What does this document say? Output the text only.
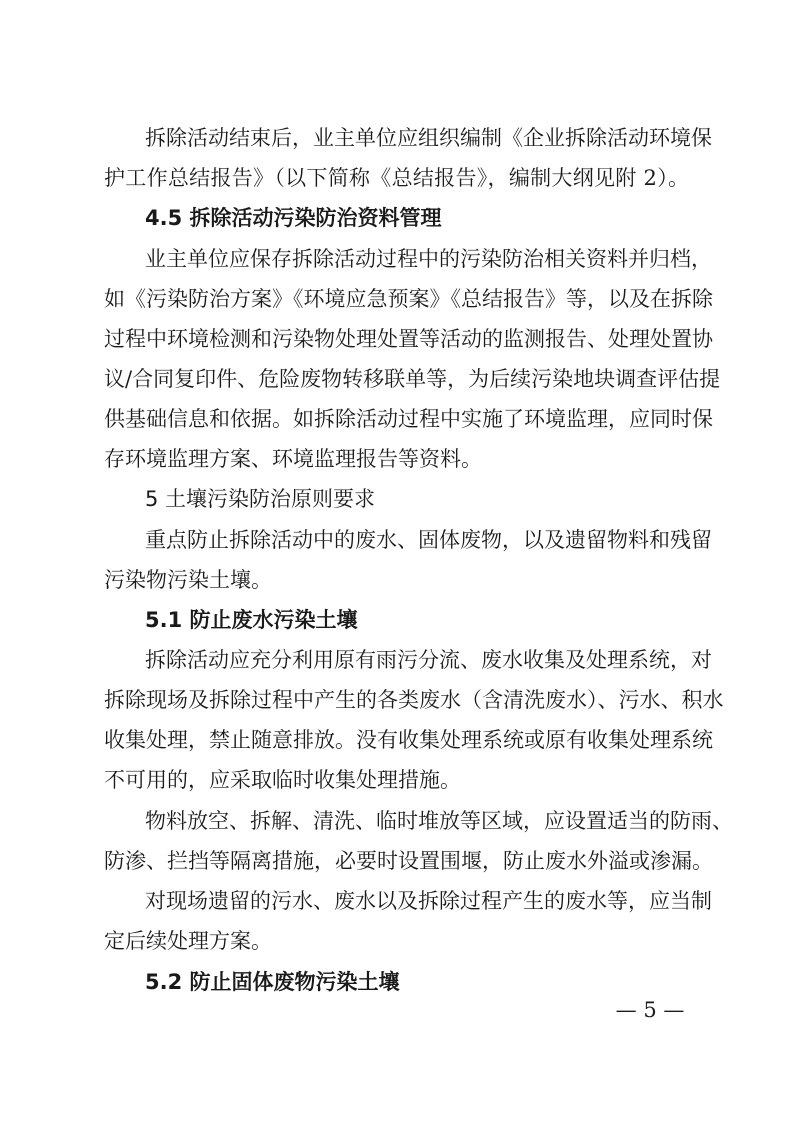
拆除活动结束后，业主单位应组织编制《企业拆除活动环境保
护工作总结报告》（以下简称《总结报告》，编制大纲见附 2）。
4.5 拆除活动污染防治资料管理
业主单位应保存拆除活动过程中的污染防治相关资料并归档，
如《污染防治方案》《环境应急预案》《总结报告》等，以及在拆除
过程中环境检测和污染物处理处置等活动的监测报告、处理处置协
议/合同复印件、危险废物转移联单等，为后续污染地块调查评估提
供基础信息和依据。如拆除活动过程中实施了环境监理，应同时保
存环境监理方案、环境监理报告等资料。
5 土壤污染防治原则要求
重点防止拆除活动中的废水、固体废物，以及遗留物料和残留
污染物污染土壤。
5.1 防止废水污染土壤
拆除活动应充分利用原有雨污分流、废水收集及处理系统，对
拆除现场及拆除过程中产生的各类废水（含清洗废水）、污水、积水
收集处理，禁止随意排放。没有收集处理系统或原有收集处理系统
不可用的，应采取临时收集处理措施。
物料放空、拆解、清洗、临时堆放等区域，应设置适当的防雨、
防渗、拦挡等隔离措施，必要时设置围堰，防止废水外溢或渗漏。
对现场遗留的污水、废水以及拆除过程产生的废水等，应当制
定后续处理方案。
5.2 防止固体废物污染土壤
— 5 —
